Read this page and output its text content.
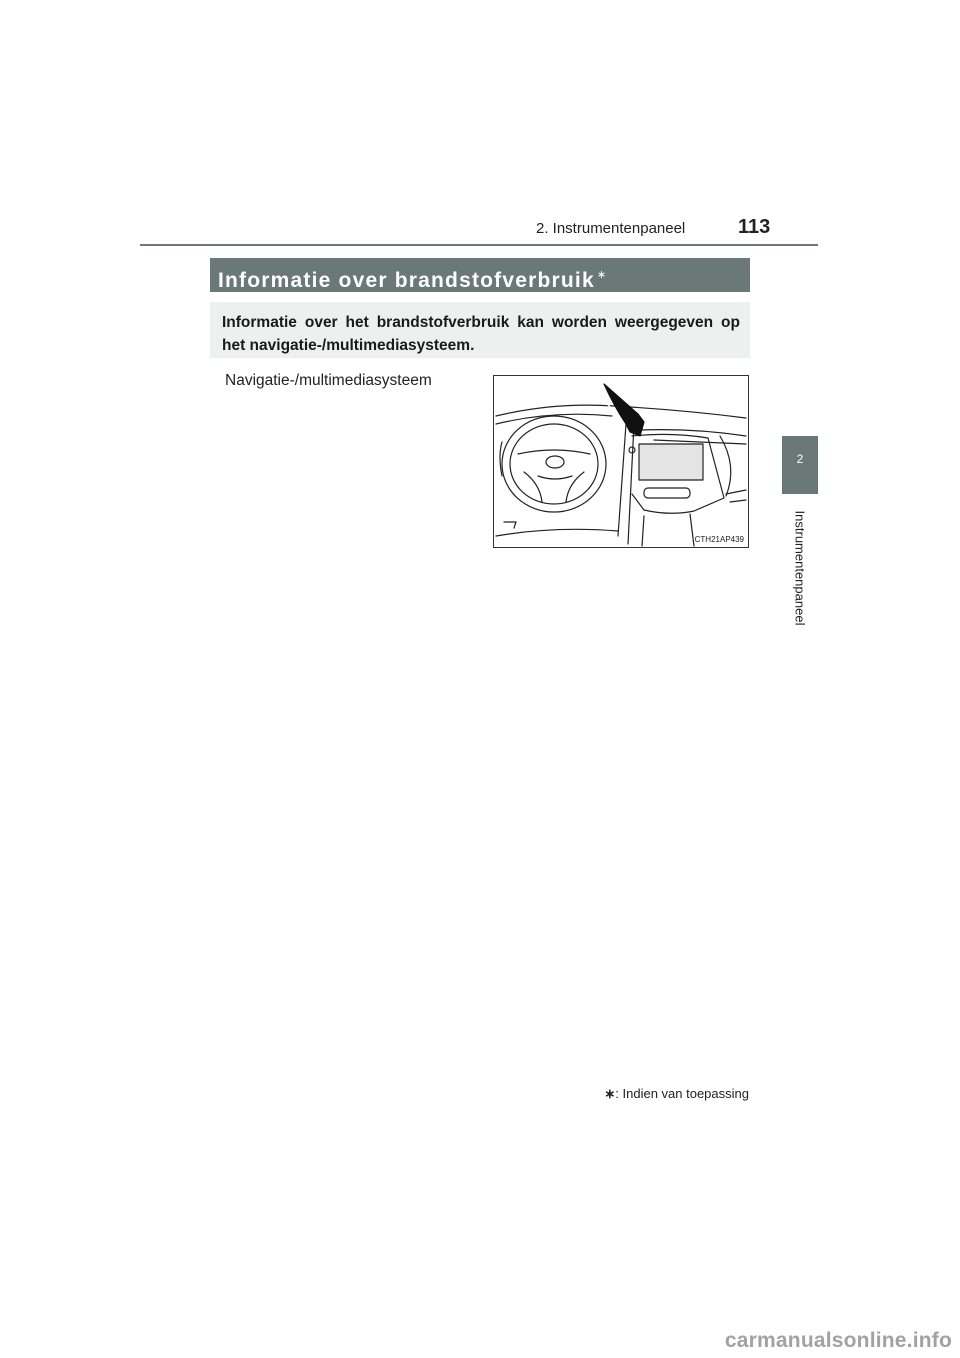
2. Instrumentenpaneel	113
2
Instrumentenpaneel
Informatie over brandstofverbruik ∗
Informatie over het brandstofverbruik kan worden weergegeven op het navigatie-/multimediasysteem.
Navigatie-/multimediasysteem
CTH21AP439
∗: Indien van toepassing
carmanualsonline.info
